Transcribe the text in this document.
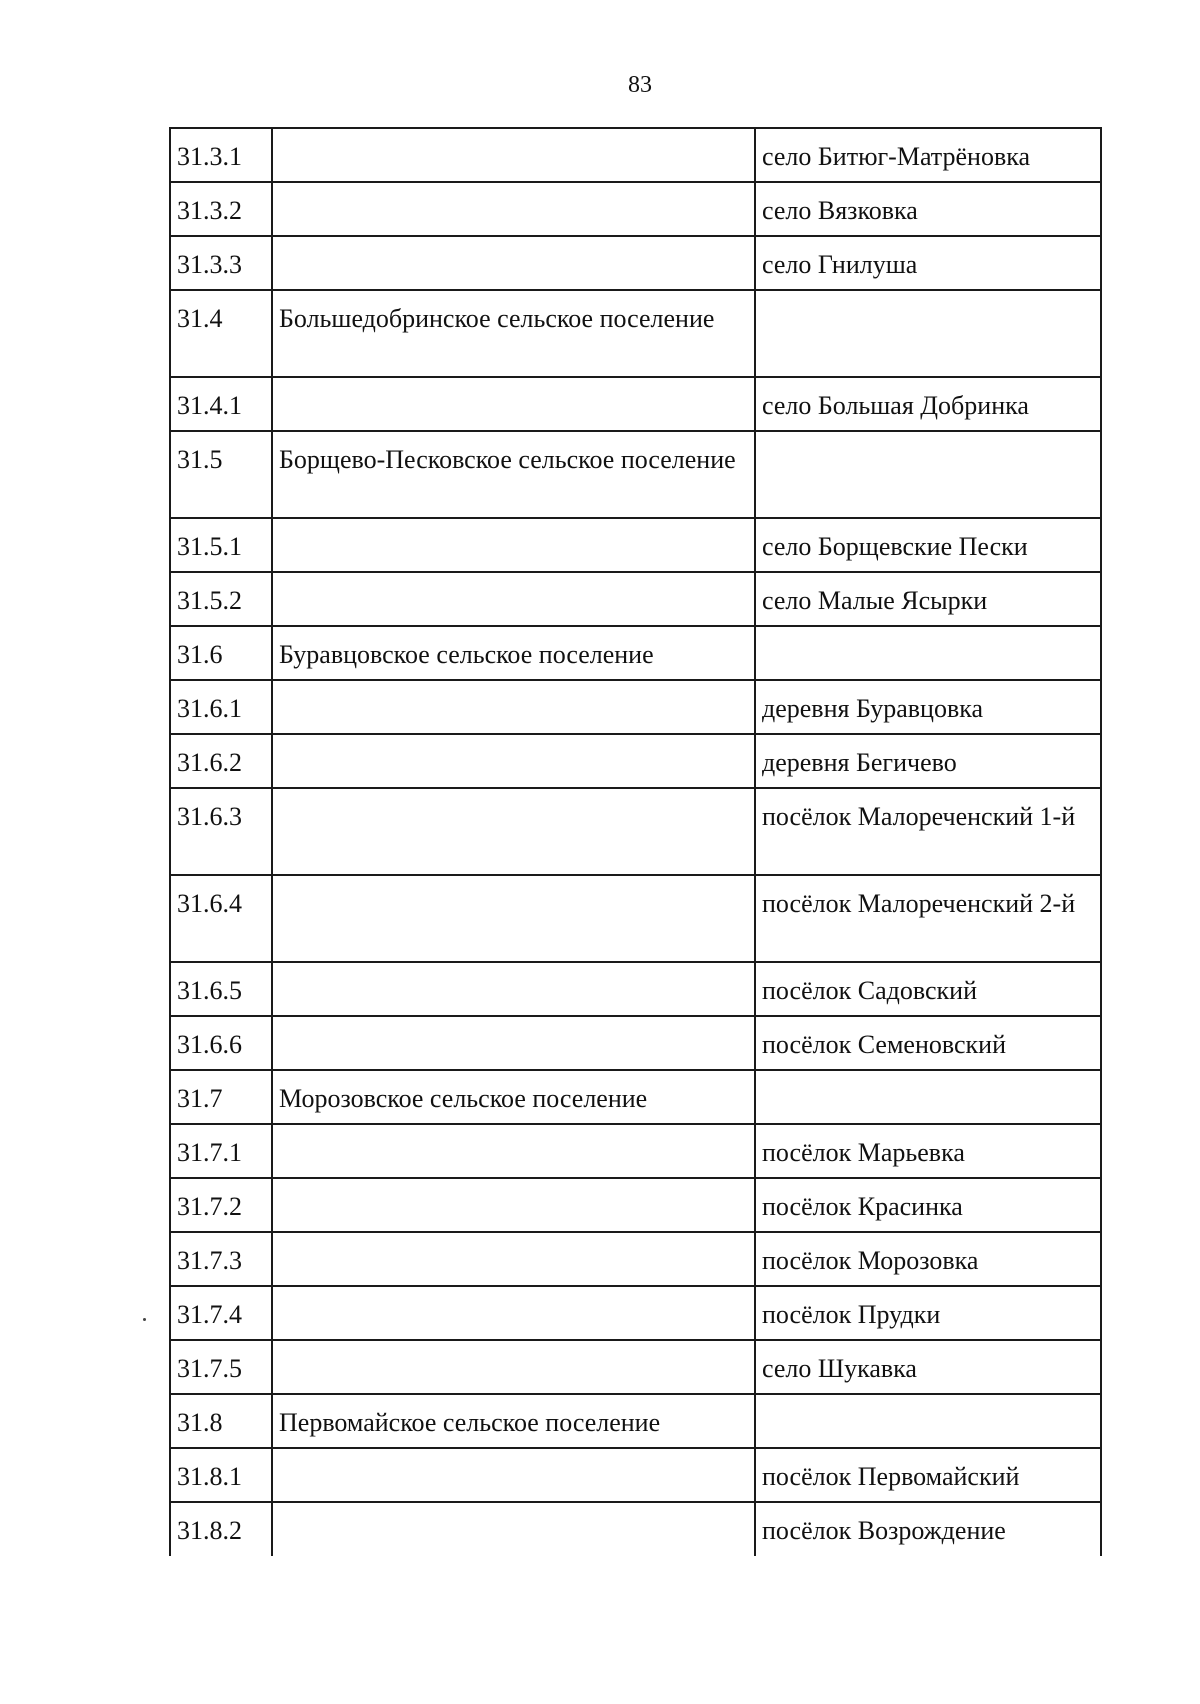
83
31.3.1		село Битюг-Матрёновка
31.3.2		село Вязковка
31.3.3		село Гнилуша
31.4	Большедобринское сельское поселение	
31.4.1		село Большая Добринка
31.5	Борщево-Песковское сельское поселение	
31.5.1		село Борщевские Пески
31.5.2		село Малые Ясырки
31.6	Буравцовское сельское поселение	
31.6.1		деревня Буравцовка
31.6.2		деревня Бегичево
31.6.3		посёлок Малореченский 1-й
31.6.4		посёлок Малореченский 2-й
31.6.5		посёлок Садовский
31.6.6		посёлок Семеновский
31.7	Морозовское сельское поселение	
31.7.1		посёлок Марьевка
31.7.2		посёлок Красинка
31.7.3		посёлок Морозовка
31.7.4		посёлок Прудки
31.7.5		село Шукавка
31.8	Первомайское сельское поселение	
31.8.1		посёлок Первомайский
31.8.2		посёлок Возрождение
